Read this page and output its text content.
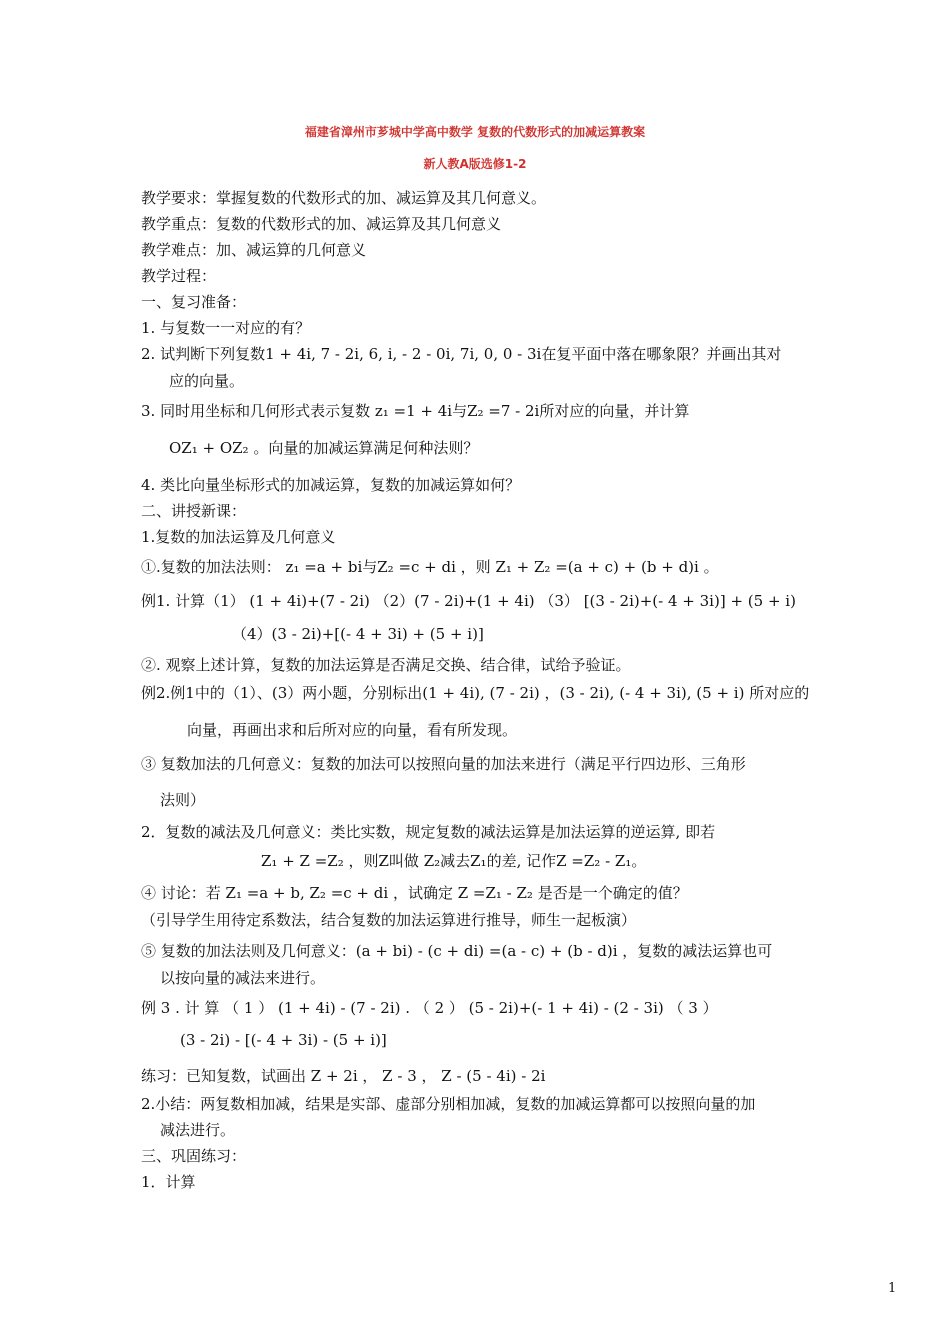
福建省漳州市芗城中学高中数学 复数的代数形式的加减运算教案
新人教A版选修1-2
教学要求：掌握复数的代数形式的加、减运算及其几何意义。
教学重点：复数的代数形式的加、减运算及其几何意义
教学难点：加、减运算的几何意义
教学过程：
一、复习准备：
1. 与复数一一对应的有？
2. 试判断下列复数1 + 4i, 7 - 2i, 6, i, - 2 - 0i, 7i, 0, 0 - 3i在复平面中落在哪象限？并画出其对
应的向量。
3. 同时用坐标和几何形式表示复数 z₁ =1 + 4i与Z₂ =7 - 2i所对应的向量，并计算
OZ₁ + OZ₂ 。向量的加减运算满足何种法则？
4. 类比向量坐标形式的加减运算，复数的加减运算如何？
二、讲授新课：
1.复数的加法运算及几何意义
①.复数的加法法则： z₁ =a + bi与Z₂ =c + di ，则 Z₁ + Z₂ =(a + c) + (b + d)i 。
例1. 计算（1） (1 + 4i)+(7 - 2i) （2）(7 - 2i)+(1 + 4i) （3） [(3 - 2i)+(- 4 + 3i)] + (5 + i)
（4）(3 - 2i)+[(- 4 + 3i) + (5 + i)]
②. 观察上述计算，复数的加法运算是否满足交换、结合律，试给予验证。
例2.例1中的（1）、(3）两小题，分别标出(1 + 4i), (7 - 2i) ，(3 - 2i), (- 4 + 3i), (5 + i) 所对应的
向量，再画出求和后所对应的向量，看有所发现。
③ 复数加法的几何意义：复数的加法可以按照向量的加法来进行（满足平行四边形、三角形
法则）
2．复数的减法及几何意义：类比实数，规定复数的减法运算是加法运算的逆运算, 即若
Z₁ + Z =Z₂ ，则Z叫做 Z₂减去Z₁的差, 记作Z =Z₂ - Z₁。
④ 讨论：若 Z₁ =a + b, Z₂ =c + di ，试确定 Z =Z₁ - Z₂ 是否是一个确定的值？
（引导学生用待定系数法，结合复数的加法运算进行推导，师生一起板演）
⑤ 复数的加法法则及几何意义：(a + bi) - (c + di) =(a - c) + (b - d)i ，复数的减法运算也可
以按向量的减法来进行。
例 3 . 计 算 （ 1 ） (1 + 4i) - (7 - 2i) . （ 2 ） (5 - 2i)+(- 1 + 4i) - (2 - 3i) （ 3 ）
(3 - 2i) - [(- 4 + 3i) - (5 + i)]
练习：已知复数，试画出 Z + 2i ， Z - 3 ， Z - (5 - 4i) - 2i
2.小结：两复数相加减，结果是实部、虚部分别相加减，复数的加减运算都可以按照向量的加
减法进行。
三、巩固练习：
1．计算
1
